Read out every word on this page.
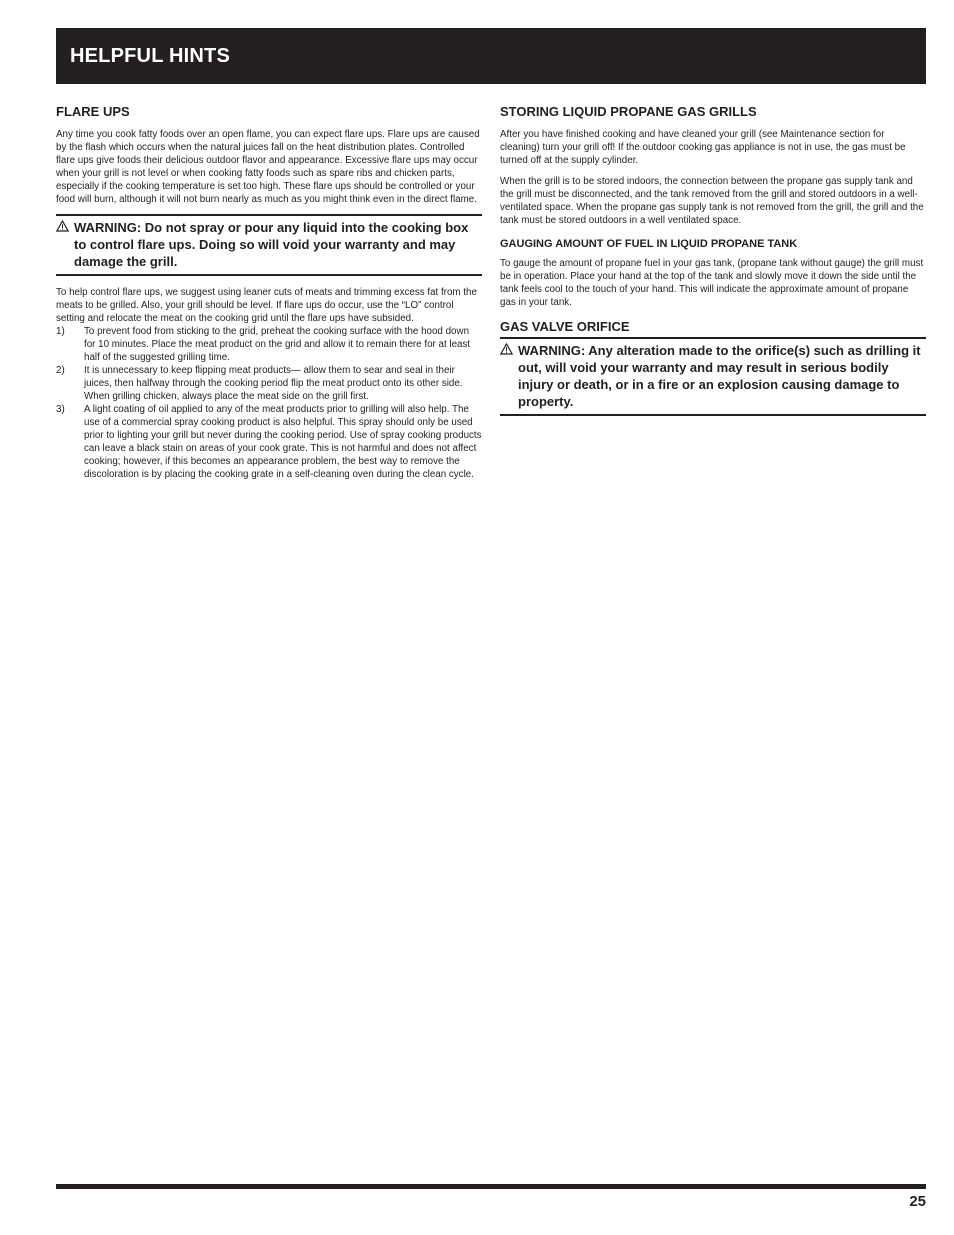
HELPFUL HINTS
FLARE UPS

Any time you cook fatty foods over an open flame, you can expect flare ups. Flare ups are caused by the flash which occurs when the natural juices fall on the heat distribution plates. Controlled flare ups give foods their delicious outdoor flavor and appearance. Excessive flare ups may occur when your grill is not level or when cooking fatty foods such as spare ribs and chicken parts, especially if the cooking temperature is set too high. These flare ups should be controlled or your food will burn, although it will not burn nearly as much as you might think even in the direct flame.

WARNING: Do not spray or pour any liquid into the cooking box to control flare ups. Doing so will void your warranty and may damage the grill.

To help control flare ups, we suggest using leaner cuts of meats and trimming excess fat from the meats to be grilled. Also, your grill should be level. If flare ups do occur, use the “LO” control setting and relocate the meat on the cooking grid until the flare ups have subsided.

1)	To prevent food from sticking to the grid, preheat the cooking surface with the hood down for 10 minutes. Place the meat product on the grid and allow it to remain there for at least half of the suggested grilling time.
2)	It is unnecessary to keep flipping meat products— allow them to sear and seal in their juices, then halfway through the cooking period flip the meat product onto its other side. When grilling chicken, always place the meat side on the grill first.
3)	A light coating of oil applied to any of the meat products prior to grilling will also help. The use of a commercial spray cooking product is also helpful. This spray should only be used prior to lighting your grill but never during the cooking period. Use of spray cooking products can leave a black stain on areas of your cook grate. This is not harmful and does not affect cooking; however, if this becomes an appearance problem, the best way to remove the discoloration is by placing the cooking grate in a self-cleaning oven during the clean cycle.
STORING LIQUID PROPANE GAS GRILLS

After you have finished cooking and have cleaned your grill (see Maintenance section for cleaning) turn your grill off! If the outdoor cooking gas appliance is not in use, the gas must be turned off at the supply cylinder.

When the grill is to be stored indoors, the connection between the propane gas supply tank and the grill must be disconnected, and the tank removed from the grill and stored outdoors in a well-ventilated space. When the propane gas supply tank is not removed from the grill, the grill and the tank must be stored outdoors in a well ventilated space.

GAUGING AMOUNT OF FUEL IN LIQUID PROPANE TANK

To gauge the amount of propane fuel in your gas tank, (propane tank without gauge) the grill must be in operation. Place your hand at the top of the tank and slowly move it down the side until the tank feels cool to the touch of your hand. This will indicate the approximate amount of propane gas in your tank.

GAS VALVE ORIFICE
WARNING: Any alteration made to the orifice(s) such as drilling it out, will void your warranty and may result in serious bodily injury or death, or in a fire or an explosion causing damage to property.
25
